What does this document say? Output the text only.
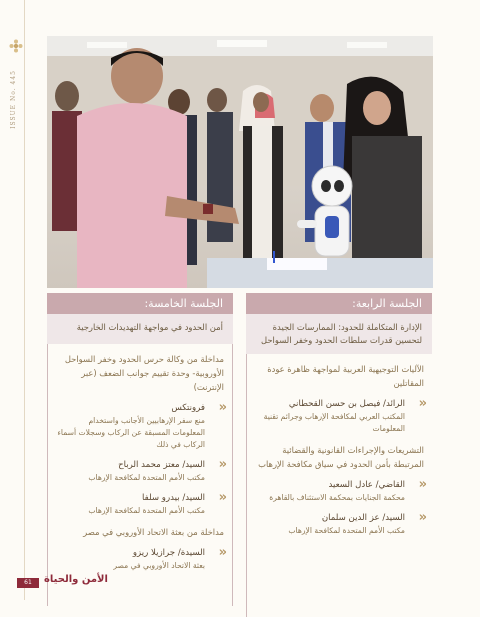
ISSUE No. 445
الجلسة الرابعة:
الإدارة المتكاملة للحدود: الممارسات الجيدة لتحسين قدرات سلطات الحدود وخفر السواحل
الآليات التوجيهية العربية لمواجهة ظاهرة عودة المقاتلين
«
الرائد/ فيصل بن حسن القحطاني
المكتب العربي لمكافحة الإرهاب وجرائم تقنية المعلومات
التشريعات والإجراءات القانونية والقضائية المرتبطة بأمن الحدود في سياق مكافحة الإرهاب
«
القاضي/ عادل السعيد
محكمة الجنايات بمحكمة الاستئناف بالقاهرة
«
السيد/ عز الدين سلمان
مكتب الأمم المتحدة لمكافحة الإرهاب
الجلسة الخامسة:
أمن الحدود في مواجهة التهديدات الخارجية
مداخلة من وكالة حرس الحدود وخفر السواحل الأوروبية- وحدة تقييم جوانب الضعف (عبر الإنترنت)
«
فرونتكس
منع سفر الإرهابيين الأجانب واستخدام المعلومات المسبقة عن الركاب وسجلات أسماء الركاب في ذلك
«
السيد/ معتز محمد الرباح
مكتب الأمم المتحدة لمكافحة الإرهاب
«
السيد/ بيدرو سلفا
مكتب الأمم المتحدة لمكافحة الإرهاب
مداخلة من بعثة الاتحاد الأوروبي في مصر
«
السيدة/ جرازيلا ريزو
بعثة الاتحاد الأوروبي في مصر
61	الأمن والحياة
